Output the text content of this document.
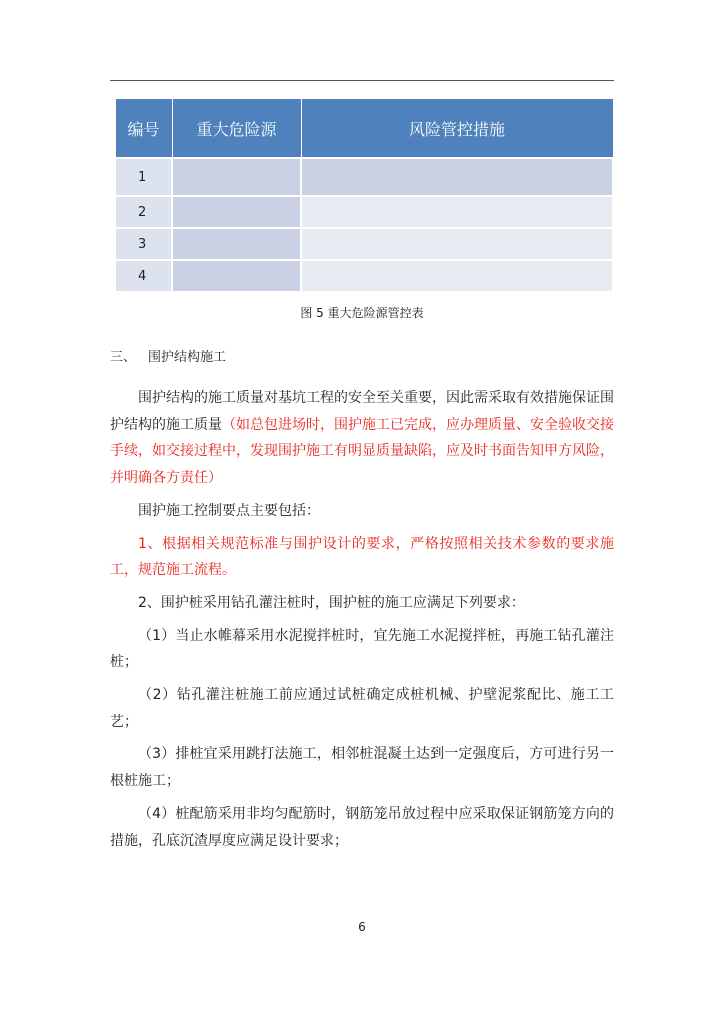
编号	重大危险源	风险管控措施
1		
2		
3		
4		
图 5 重大危险源管控表
三、 围护结构施工

围护结构的施工质量对基坑工程的安全至关重要，因此需采取有效措施保证围护结构的施工质量（如总包进场时，围护施工已完成，应办理质量、安全验收交接手续，如交接过程中，发现围护施工有明显质量缺陷，应及时书面告知甲方风险，并明确各方责任）

围护施工控制要点主要包括：

1、根据相关规范标准与围护设计的要求，严格按照相关技术参数的要求施工，规范施工流程。

2、围护桩采用钻孔灌注桩时，围护桩的施工应满足下列要求：

（1）当止水帷幕采用水泥搅拌桩时，宜先施工水泥搅拌桩，再施工钻孔灌注桩；

（2）钻孔灌注桩施工前应通过试桩确定成桩机械、护壁泥浆配比、施工工艺；

（3）排桩宜采用跳打法施工，相邻桩混凝土达到一定强度后，方可进行另一根桩施工；

（4）桩配筋采用非均匀配筋时，钢筋笼吊放过程中应采取保证钢筋笼方向的措施，孔底沉渣厚度应满足设计要求；

6
